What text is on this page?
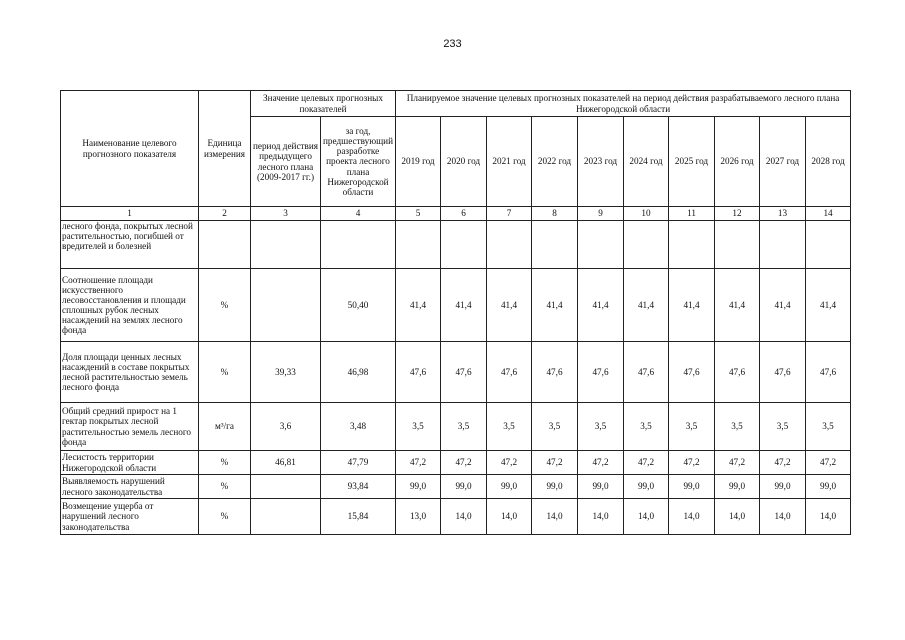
233
Наименование целевого прогнозного показателя	Единица измерения	Значение целевых прогнозных показателей		Планируемое значение целевых прогнозных показателей на период действия разрабатываемого лесного плана Нижегородской области									
		период действия предыдущего лесного плана (2009-2017 гг.)	за год, предшествующий разработке проекта лесного плана Нижегородской области	2019 год	2020 год	2021 год	2022 год	2023 год	2024 год	2025 год	2026 год	2027 год	2028 год
1	2	3	4	5	6	7	8	9	10	11	12	13	14
лесного фонда, покрытых лесной растительностью, погибшей от вредителей и болезней													
Соотношение площади искусственного лесовосстановления и площади сплошных рубок лесных насаждений на землях лесного фонда	%		50,40	41,4	41,4	41,4	41,4	41,4	41,4	41,4	41,4	41,4	41,4
Доля площади ценных лесных насаждений в составе покрытых лесной растительностью земель лесного фонда	%	39,33	46,98	47,6	47,6	47,6	47,6	47,6	47,6	47,6	47,6	47,6	47,6
Общий средний прирост на 1 гектар покрытых лесной растительностью земель лесного фонда	м³/га	3,6	3,48	3,5	3,5	3,5	3,5	3,5	3,5	3,5	3,5	3,5	3,5
Лесистость территории Нижегородской области	%	46,81	47,79	47,2	47,2	47,2	47,2	47,2	47,2	47,2	47,2	47,2	47,2
Выявляемость нарушений лесного законодательства	%		93,84	99,0	99,0	99,0	99,0	99,0	99,0	99,0	99,0	99,0	99,0
Возмещение ущерба от нарушений лесного законодательства	%		15,84	13,0	14,0	14,0	14,0	14,0	14,0	14,0	14,0	14,0	14,0
